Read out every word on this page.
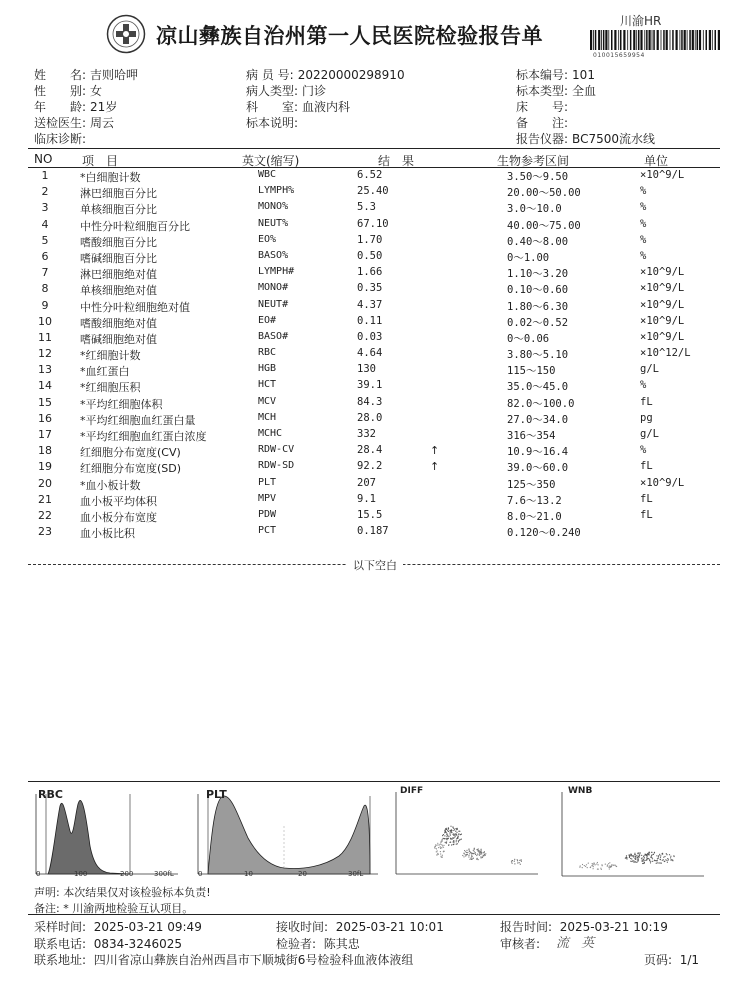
凉山彝族自治州第一人民医院检验报告单
川渝HR
010015659954
姓　　名: 吉则哈呷
性　　别: 女
年　　龄: 21岁
送检医生: 周云
临床诊断:
病 员 号: 20220000298910
病人类型: 门诊
科　　室: 血液内科
标本说明:
标本编号: 101
标本类型: 全血
床　　号:
备　　注:
报告仪器: BC7500流水线
NO 项　目	英文(缩写)	结　果	生物参考区间	单位
1	*白细胞计数	WBC	6.52	3.50～9.50	×10^9/L
2	淋巴细胞百分比	LYMPH%	25.40	20.00～50.00	%
3	单核细胞百分比	MONO%	5.3	3.0～10.0	%
4	中性分叶粒细胞百分比	NEUT%	67.10	40.00～75.00	%
5	嗜酸细胞百分比	EO%	1.70	0.40～8.00	%
6	嗜碱细胞百分比	BASO%	0.50	0～1.00	%
7	淋巴细胞绝对值	LYMPH#	1.66	1.10～3.20	×10^9/L
8	单核细胞绝对值	MONO#	0.35	0.10～0.60	×10^9/L
9	中性分叶粒细胞绝对值	NEUT#	4.37	1.80～6.30	×10^9/L
10	嗜酸细胞绝对值	EO#	0.11	0.02～0.52	×10^9/L
11	嗜碱细胞绝对值	BASO#	0.03	0～0.06	×10^9/L
12	*红细胞计数	RBC	4.64	3.80～5.10	×10^12/L
13	*血红蛋白	HGB	130	115～150	g/L
14	*红细胞压积	HCT	39.1	35.0～45.0	%
15	*平均红细胞体积	MCV	84.3	82.0～100.0	fL
16	*平均红细胞血红蛋白量	MCH	28.0	27.0～34.0	pg
17	*平均红细胞血红蛋白浓度	MCHC	332	316～354	g/L
18	红细胞分布宽度(CV)	RDW-CV	28.4	↑	10.9～16.4	%
19	红细胞分布宽度(SD)	RDW-SD	92.2	↑	39.0～60.0	fL
20	*血小板计数	PLT	207	125～350	×10^9/L
21	血小板平均体积	MPV	9.1	7.6～13.2	fL
22	血小板分布宽度	PDW	15.5	8.0～21.0	fL
23	血小板比积	PCT	0.187	0.120～0.240
以下空白
RBC
0	100	200	300fL
PLT
0	10	20	30fL
DIFF	WNB
声明: 本次结果仅对该检验标本负责!
备注: * 川渝两地检验互认项目。
采样时间: 2025-03-21 09:49	接收时间: 2025-03-21 10:01	报告时间: 2025-03-21 10:19
联系电话: 0834-3246025	检验者: 陈其忠	审核者: 流 英
联系地址: 四川省凉山彝族自治州西昌市下顺城街6号检验科血液体液组	页码: 1/1
